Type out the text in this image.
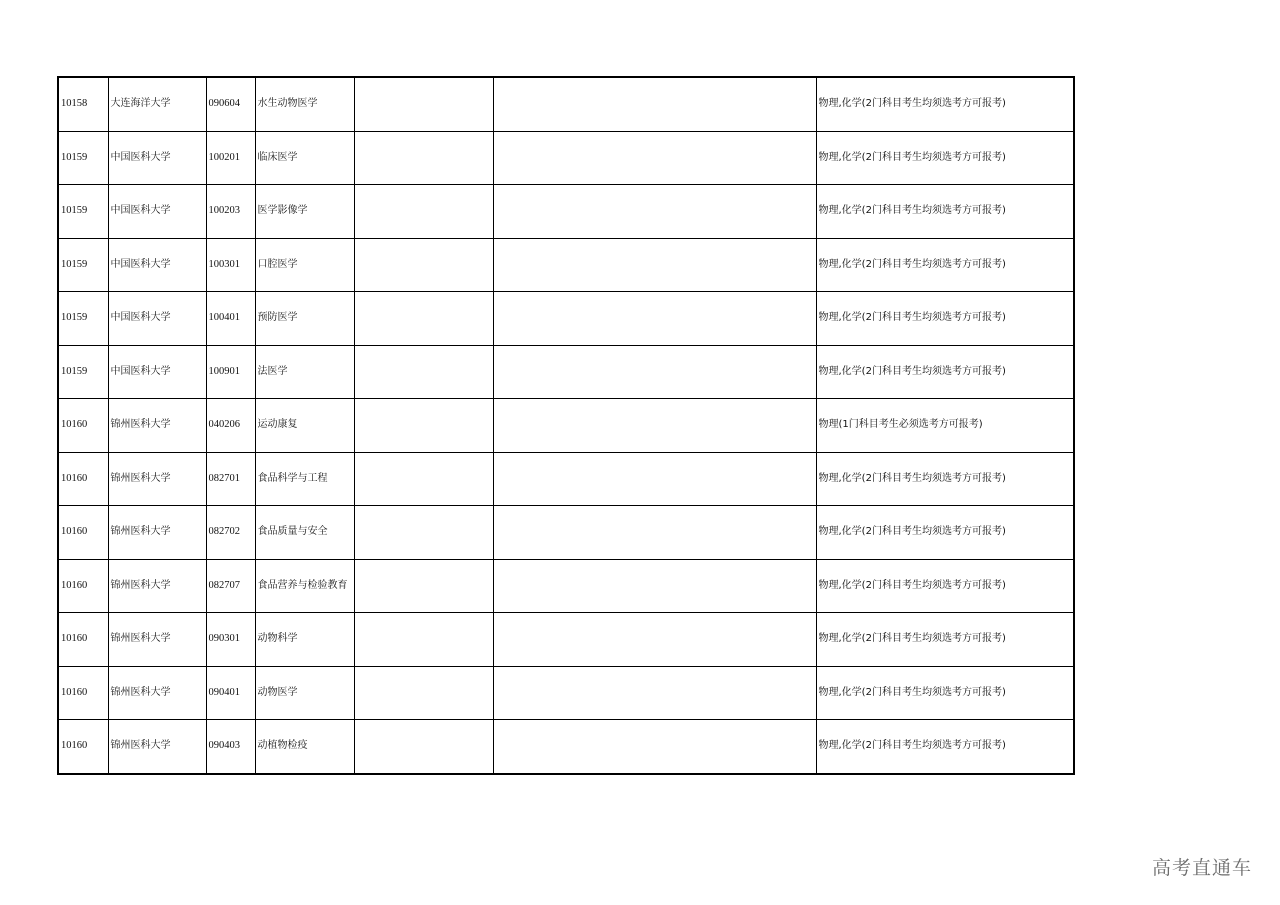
10158	大连海洋大学	090604	水生动物医学			物理,化学(2门科目考生均须选考方可报考)
10159	中国医科大学	100201	临床医学			物理,化学(2门科目考生均须选考方可报考)
10159	中国医科大学	100203	医学影像学			物理,化学(2门科目考生均须选考方可报考)
10159	中国医科大学	100301	口腔医学			物理,化学(2门科目考生均须选考方可报考)
10159	中国医科大学	100401	预防医学			物理,化学(2门科目考生均须选考方可报考)
10159	中国医科大学	100901	法医学			物理,化学(2门科目考生均须选考方可报考)
10160	锦州医科大学	040206	运动康复			物理(1门科目考生必须选考方可报考)
10160	锦州医科大学	082701	食品科学与工程			物理,化学(2门科目考生均须选考方可报考)
10160	锦州医科大学	082702	食品质量与安全			物理,化学(2门科目考生均须选考方可报考)
10160	锦州医科大学	082707	食品营养与检验教育			物理,化学(2门科目考生均须选考方可报考)
10160	锦州医科大学	090301	动物科学			物理,化学(2门科目考生均须选考方可报考)
10160	锦州医科大学	090401	动物医学			物理,化学(2门科目考生均须选考方可报考)
10160	锦州医科大学	090403	动植物检疫			物理,化学(2门科目考生均须选考方可报考)
高考直通车
